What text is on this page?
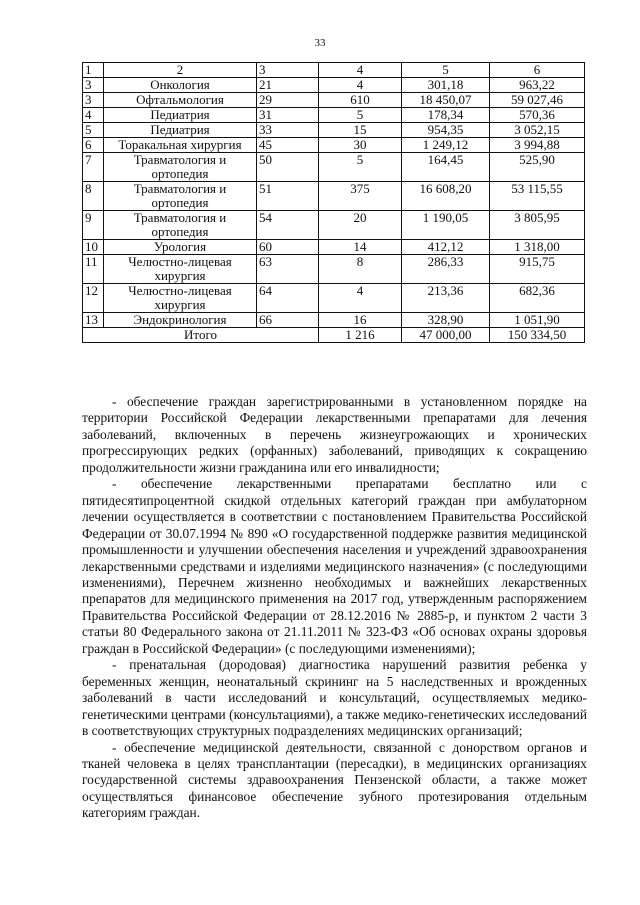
33
1	2	3	4	5	6
3	Онкология	21	4	301,18	963,22
3	Офтальмология	29	610	18 450,07	59 027,46
4	Педиатрия	31	5	178,34	570,36
5	Педиатрия	33	15	954,35	3 052,15
6	Торакальная хирургия	45	30	1 249,12	3 994,88
7	Травматология и ортопедия	50	5	164,45	525,90
8	Травматология и ортопедия	51	375	16 608,20	53 115,55
9	Травматология и ортопедия	54	20	1 190,05	3 805,95
10	Урология	60	14	412,12	1 318,00
11	Челюстно-лицевая хирургия	63	8	286,33	915,75
12	Челюстно-лицевая хирургия	64	4	213,36	682,36
13	Эндокринология	66	16	328,90	1 051,90
Итого			1 216	47 000,00	150 334,50

- обеспечение граждан зарегистрированными в установленном порядке на территории Российской Федерации лекарственными препаратами для лечения заболеваний, включенных в перечень жизнеугрожающих и хронических прогрессирующих редких (орфанных) заболеваний, приводящих к сокращению продолжительности жизни гражданина или его инвалидности;

- обеспечение лекарственными препаратами бесплатно или с пятидесятипроцентной скидкой отдельных категорий граждан при амбулаторном лечении осуществляется в соответствии с постановлением Правительства Российской Федерации от 30.07.1994 № 890 «О государственной поддержке развития медицинской промышленности и улучшении обеспечения населения и учреждений здравоохранения лекарственными средствами и изделиями медицинского назначения» (с последующими изменениями), Перечнем жизненно необходимых и важнейших лекарственных препаратов для медицинского применения на 2017 год, утвержденным распоряжением Правительства Российской Федерации от 28.12.2016 № 2885-р, и пунктом 2 части 3 статьи 80 Федерального закона от 21.11.2011 № 323-ФЗ «Об основах охраны здоровья граждан в Российской Федерации» (с последующими изменениями);

- пренатальная (дородовая) диагностика нарушений развития ребенка у беременных женщин, неонатальный скрининг на 5 наследственных и врожденных заболеваний в части исследований и консультаций, осуществляемых медико-генетическими центрами (консультациями), а также медико-генетических исследований в соответствующих структурных подразделениях медицинских организаций;

- обеспечение медицинской деятельности, связанной с донорством органов и тканей человека в целях трансплантации (пересадки), в медицинских организациях государственной системы здравоохранения Пензенской области, а также может осуществляться финансовое обеспечение зубного протезирования отдельным категориям граждан.
